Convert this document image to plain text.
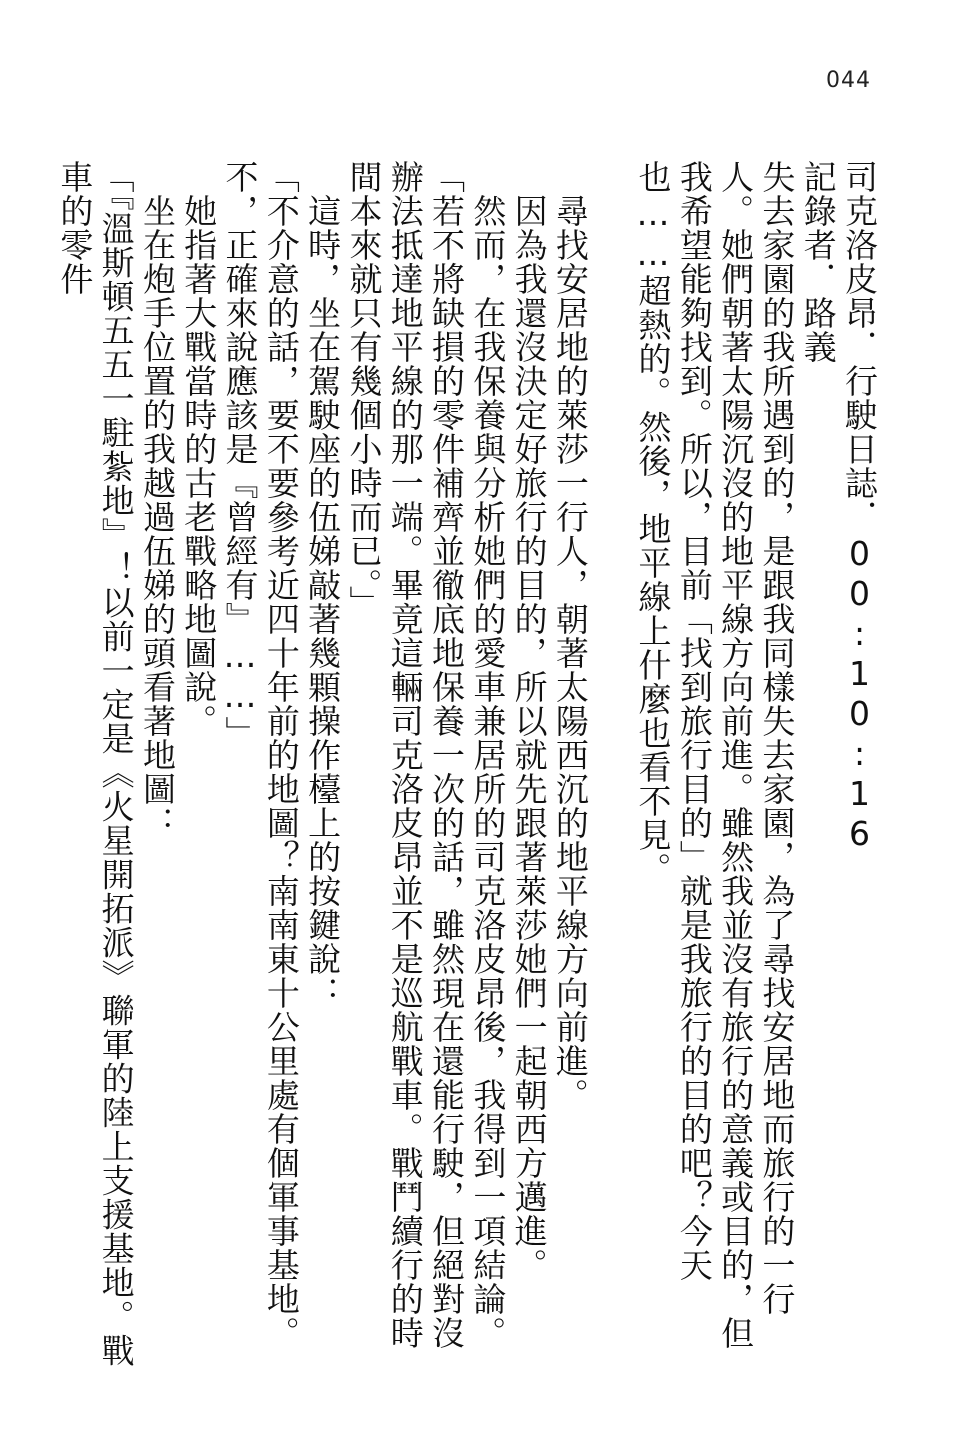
044

司克洛皮昂．行駛日誌．00:10:16

記錄者．路義

失去家園的我所遇到的，是跟我同樣失去家園，為了尋找安居地而旅行的一行人。她們朝著太陽沉沒的地平線方向前進。雖然我並沒有旅行的意義或目的，但我希望能夠找到。所以，目前「找到旅行目的」就是我旅行的目的吧？今天也……超熱的。然後，地平線上什麼也看不見。

　尋找安居地的萊莎一行人，朝著太陽西沉的地平線方向前進。

　因為我還沒決定好旅行的目的，所以就先跟著萊莎她們一起朝西方邁進。

　然而，在我保養與分析她們的愛車兼居所的司克洛皮昂後，我得到一項結論。

「若不將缺損的零件補齊並徹底地保養一次的話，雖然現在還能行駛，但絕對沒辦法抵達地平線的那一端。畢竟這輛司克洛皮昂並不是巡航戰車。戰鬥續行的時間本來就只有幾個小時而已。」

　這時，坐在駕駛座的伍娣敲著幾顆操作檯上的按鍵說：

「不介意的話，要不要參考近四十年前的地圖？南南東十公里處有個軍事基地。不，正確來說應該是『曾經有』……」

　她指著大戰當時的古老戰略地圖說。

　坐在炮手位置的我越過伍娣的頭看著地圖：

「『溫斯頓五五一駐紮地』！以前一定是《火星開拓派》聯軍的陸上支援基地。戰車的零件
